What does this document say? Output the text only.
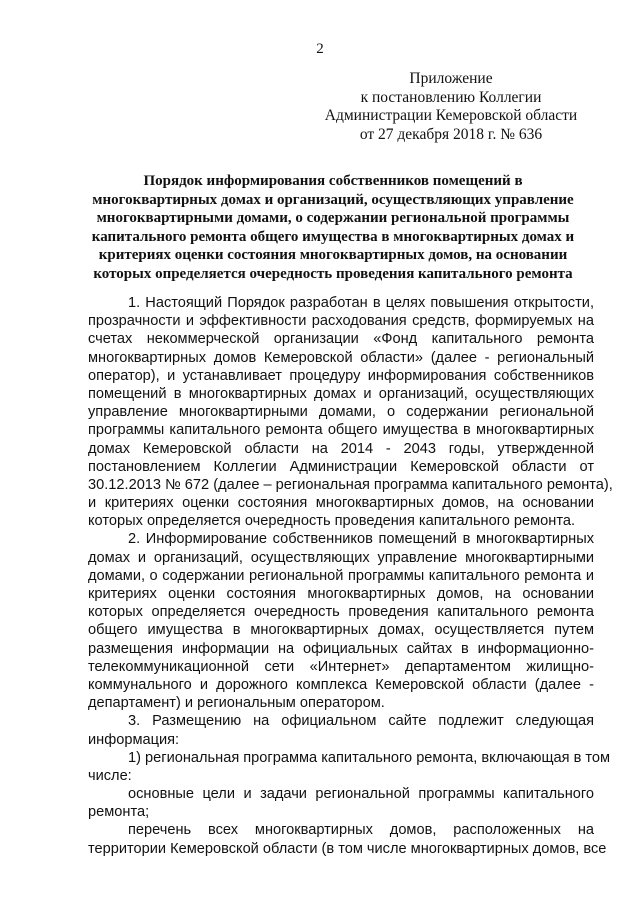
2
Приложение
к постановлению Коллегии
Администрации Кемеровской области
от 27 декабря 2018 г. № 636
Порядок информирования собственников помещений в
многоквартирных домах и организаций, осуществляющих управление
многоквартирными домами, о содержании региональной программы
капитального ремонта общего имущества в многоквартирных домах и
критериях оценки состояния многоквартирных домов, на основании
которых определяется очередность проведения капитального ремонта
1. Настоящий Порядок разработан в целях повышения открытости,
прозрачности и эффективности расходования средств, формируемых на
счетах некоммерческой организации «Фонд капитального ремонта
многоквартирных домов Кемеровской области» (далее - региональный
оператор), и устанавливает процедуру информирования собственников
помещений в многоквартирных домах и организаций, осуществляющих
управление многоквартирными домами, о содержании региональной
программы капитального ремонта общего имущества в многоквартирных
домах Кемеровской области на 2014 - 2043 годы, утвержденной
постановлением Коллегии Администрации Кемеровской области от
30.12.2013 № 672 (далее – региональная программа капитального ремонта),
и критериях оценки состояния многоквартирных домов, на основании
которых определяется очередность проведения капитального ремонта.
2. Информирование собственников помещений в многоквартирных
домах и организаций, осуществляющих управление многоквартирными
домами, о содержании региональной программы капитального ремонта и
критериях оценки состояния многоквартирных домов, на основании
которых определяется очередность проведения капитального ремонта
общего имущества в многоквартирных домах, осуществляется путем
размещения информации на официальных сайтах в информационно-
телекоммуникационной сети «Интернет» департаментом жилищно-
коммунального и дорожного комплекса Кемеровской области (далее -
департамент) и региональным оператором.
3. Размещению на официальном сайте подлежит следующая
информация:
1) региональная программа капитального ремонта, включающая в том
числе:
основные цели и задачи региональной программы капитального
ремонта;
перечень всех многоквартирных домов, расположенных на
территории Кемеровской области (в том числе многоквартирных домов, все
